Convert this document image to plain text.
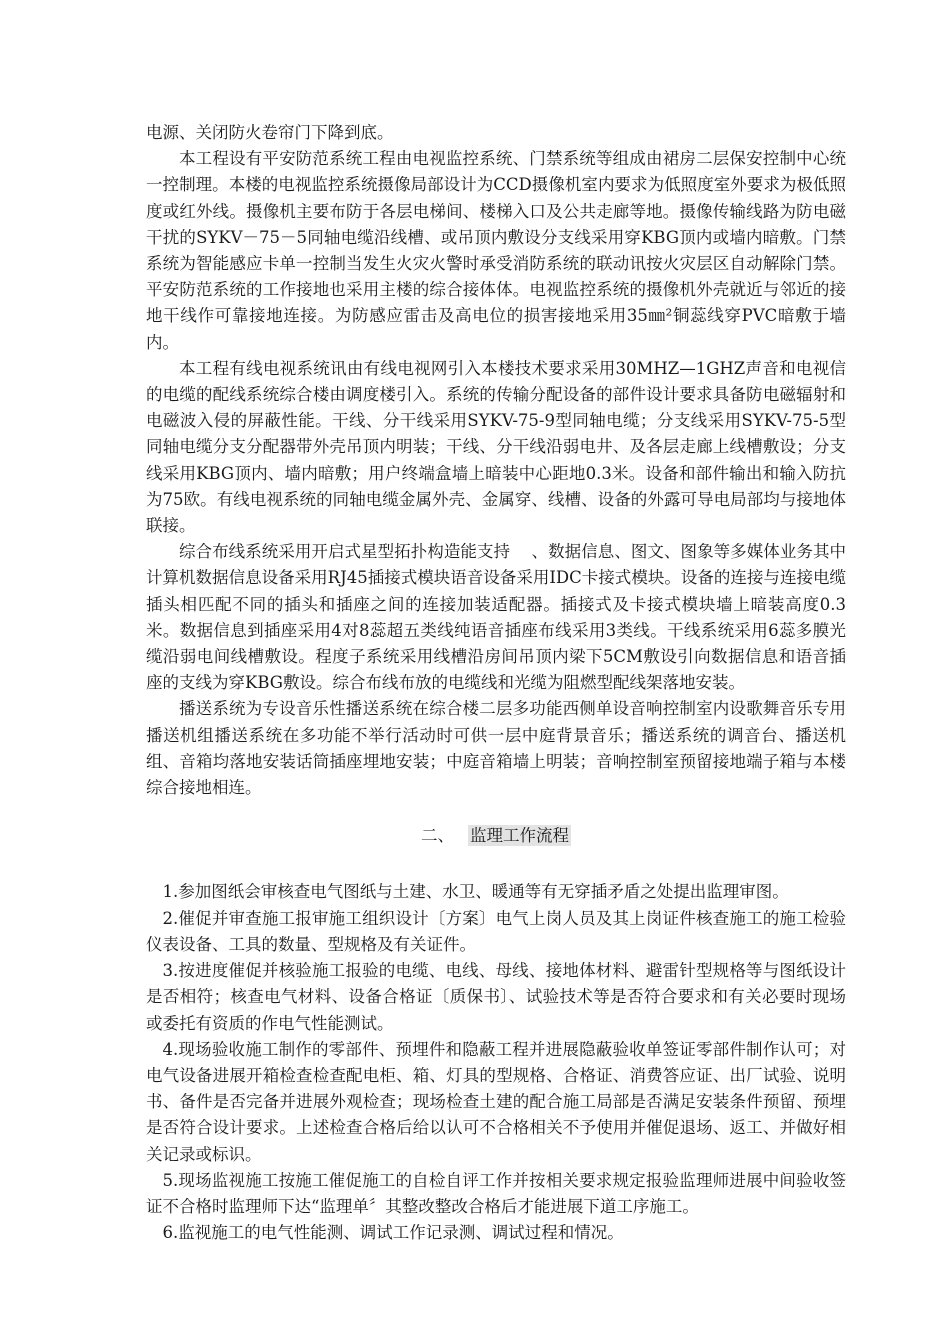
电源、关闭防火卷帘门下降到底。

本工程设有平安防范系统工程由电视监控系统、门禁系统等组成由裙房二层保安控制中心统一控制理。本楼的电视监控系统摄像局部设计为CCD摄像机室内要求为低照度室外要求为极低照度或红外线。摄像机主要布防于各层电梯间、楼梯入口及公共走廊等地。摄像传输线路为防电磁干扰的SYKV－75－5同轴电缆沿线槽、或吊顶内敷设分支线采用穿KBG顶内或墙内暗敷。门禁系统为智能感应卡单一控制当发生火灾火警时承受消防系统的联动讯按火灾层区自动解除门禁。平安防范系统的工作接地也采用主楼的综合接体体。电视监控系统的摄像机外壳就近与邻近的接地干线作可靠接地连接。为防感应雷击及高电位的损害接地采用35㎜²铜蕊线穿PVC暗敷于墙内。

本工程有线电视系统讯由有线电视网引入本楼技术要求采用30MHZ—1GHZ声音和电视信的电缆的配线系统综合楼由调度楼引入。系统的传输分配设备的部件设计要求具备防电磁辐射和电磁波入侵的屏蔽性能。干线、分干线采用SYKV-75-9型同轴电缆；分支线采用SYKV-75-5型同轴电缆分支分配器带外壳吊顶内明装；干线、分干线沿弱电井、及各层走廊上线槽敷设；分支线采用KBG顶内、墙内暗敷；用户终端盒墙上暗装中心距地0.3米。设备和部件输出和输入防抗为75欧。有线电视系统的同轴电缆金属外壳、金属穿、线槽、设备的外露可导电局部均与接地体联接。

综合布线系统采用开启式星型拓扑构造能支持 、数据信息、图文、图象等多媒体业务其中计算机数据信息设备采用RJ45插接式模块语音设备采用IDC卡接式模块。设备的连接与连接电缆插头相匹配不同的插头和插座之间的连接加装适配器。插接式及卡接式模块墙上暗装高度0.3米。数据信息到插座采用4对8蕊超五类线纯语音插座布线采用3类线。干线系统采用6蕊多膜光缆沿弱电间线槽敷设。程度子系统采用线槽沿房间吊顶内梁下5CM敷设引向数据信息和语音插座的支线为穿KBG敷设。综合布线布放的电缆线和光缆为阻燃型配线架落地安装。

播送系统为专设音乐性播送系统在综合楼二层多功能西侧单设音响控制室内设歌舞音乐专用播送机组播送系统在多功能不举行活动时可供一层中庭背景音乐；播送系统的调音台、播送机组、音箱均落地安装话筒插座埋地安装；中庭音箱墙上明装；音响控制室预留接地端子箱与本楼综合接地相连。

二、 监理工作流程

1.参加图纸会审核查电气图纸与土建、水卫、暖通等有无穿插矛盾之处提出监理审图。

2.催促并审查施工报审施工组织设计〔方案〕电气上岗人员及其上岗证件核查施工的施工检验仪表设备、工具的数量、型规格及有关证件。

3.按进度催促并核验施工报验的电缆、电线、母线、接地体材料、避雷针型规格等与图纸设计是否相符；核查电气材料、设备合格证〔质保书〕、试验技术等是否符合要求和有关必要时现场或委托有资质的作电气性能测试。

4.现场验收施工制作的零部件、预埋件和隐蔽工程并进展隐蔽验收单签证零部件制作认可；对电气设备进展开箱检查检查配电柜、箱、灯具的型规格、合格证、消费答应证、出厂试验、说明书、备件是否完备并进展外观检查；现场检查土建的配合施工局部是否满足安装条件预留、预埋是否符合设计要求。上述检查合格后给以认可不合格相关不予使用并催促退场、返工、并做好相关记录或标识。

5.现场监视施工按施工催促施工的自检自评工作并按相关要求规定报验监理师进展中间验收签证不合格时监理师下达“监理单〞其整改整改合格后才能进展下道工序施工。

6.监视施工的电气性能测、调试工作记录测、调试过程和情况。
